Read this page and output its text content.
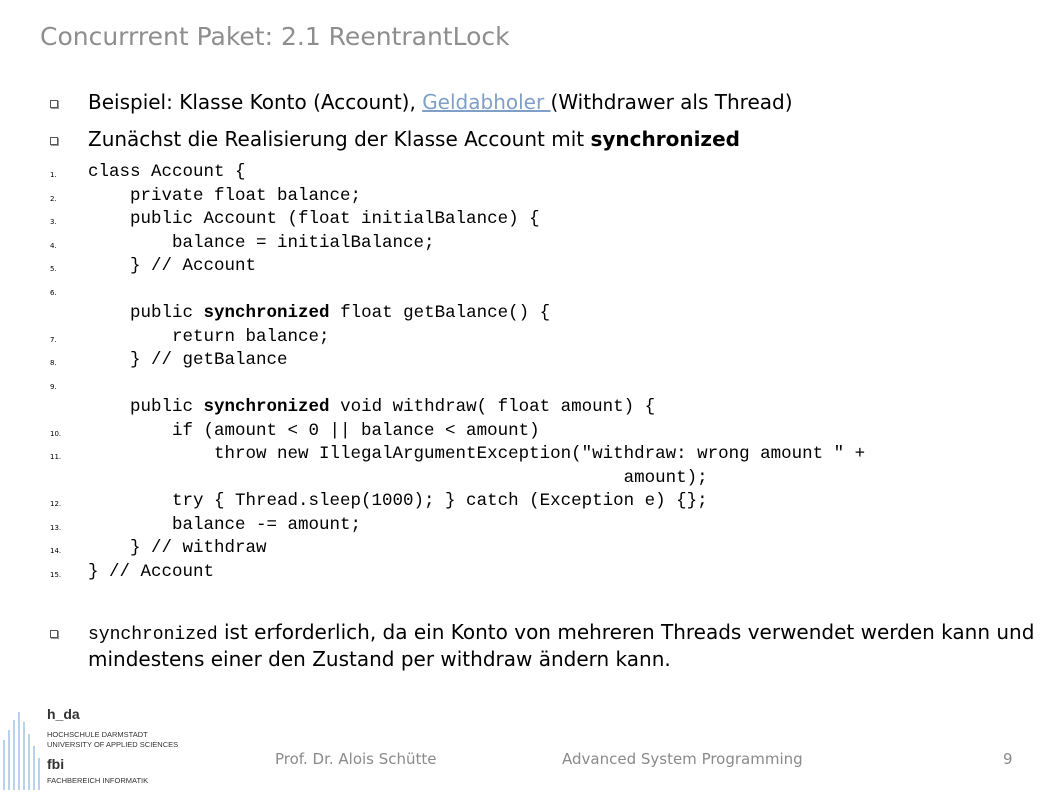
Concurrrent Paket: 2.1 ReentrantLock
Beispiel: Klasse Konto (Account), Geldabholer (Withdrawer als Thread)
Zunächst die Realisierung der Klasse Account mit synchronized
1. class Account {
2. private float balance;
3. public Account (float initialBalance) {
4. balance = initialBalance;
5. } // Account
6.
public synchronized float getBalance() {
7. return balance;
8. } // getBalance
9.
public synchronized void withdraw( float amount) {
10. if (amount < 0 || balance < amount)
11. throw new IllegalArgumentException("withdraw: wrong amount " +
amount);
12. try { Thread.sleep(1000); } catch (Exception e) {};
13. balance -= amount;
14. } // withdraw
15. } // Account
synchronized ist erforderlich, da ein Konto von mehreren Threads verwendet werden kann und mindestens einer den Zustand per withdraw ändern kann.
h_da
HOCHSCHULE DARMSTADT
UNIVERSITY OF APPLIED SCIENCES
fbi
FACHBEREICH INFORMATIK
Prof. Dr. Alois Schütte	Advanced System Programming	9
